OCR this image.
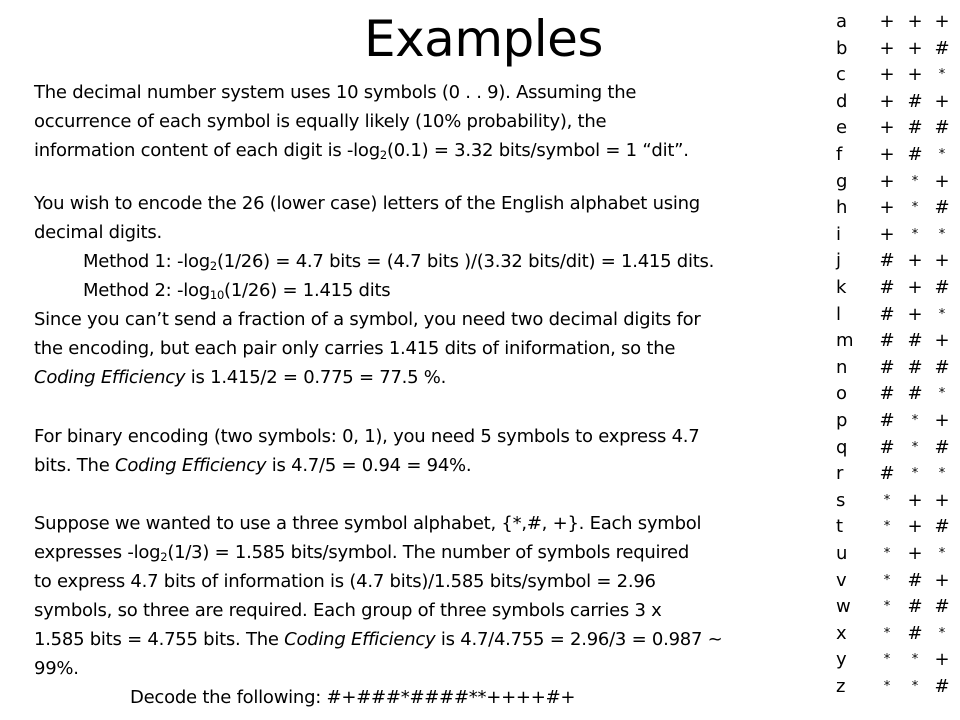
Examples

The decimal number system uses 10 symbols (0 . . 9). Assuming the

occurrence of each symbol is equally likely (10% probability), the

information content of each digit is $-\log_2(0.1) = 3.32$ bits/symbol = 1 “dit”.

You wish to encode the 26 (lower case) letters of the English alphabet using

decimal digits.

Method 1: $-\log_2(1/26) = 4.7$ bits = (4.7 bits )/(3.32 bits/dit) = 1.415 dits.

Method 2: $-\log_{10}(1/26) = 1.415$ dits

Since you can’t send a fraction of a symbol, you need two decimal digits for

the encoding, but each pair only carries 1.415 dits of iniformation, so the

Coding Efficiency is 1.415/2 = 0.775 = 77.5 %.

For binary encoding (two symbols: 0, 1), you need 5 symbols to express 4.7

bits. The Coding Efficiency is 4.7/5 = 0.94 = 94%.

Suppose we wanted to use a three symbol alphabet, {*,#, +}. Each symbol

expresses $-\log_2(1/3) = 1.585$ bits/symbol. The number of symbols required

to express 4.7 bits of information is (4.7 bits)/1.585 bits/symbol = 2.96

symbols, so three are required. Each group of three symbols carries 3 x

1.585 bits = 4.755 bits. The Coding Efficiency is 4.7/4.755 = 2.96/3 = 0.987 ~

99%.

Decode the following: #+###*####**++++#+

a + + +
b + + #
c	+ +	*
d + # +
e + # #
f	+ #	*
g +	* +
h +	* #
i	+	*	*
j	# + +
k	# + #
l	# +	*
m # # +
n # # #
o # #	*
p #	* +
q #	* #
r	#	*	*
s	* + +
t	* + #
u	* +	*
v	* # +
w	* # #
x	* #	*
y	*	* +
z	*	* #
